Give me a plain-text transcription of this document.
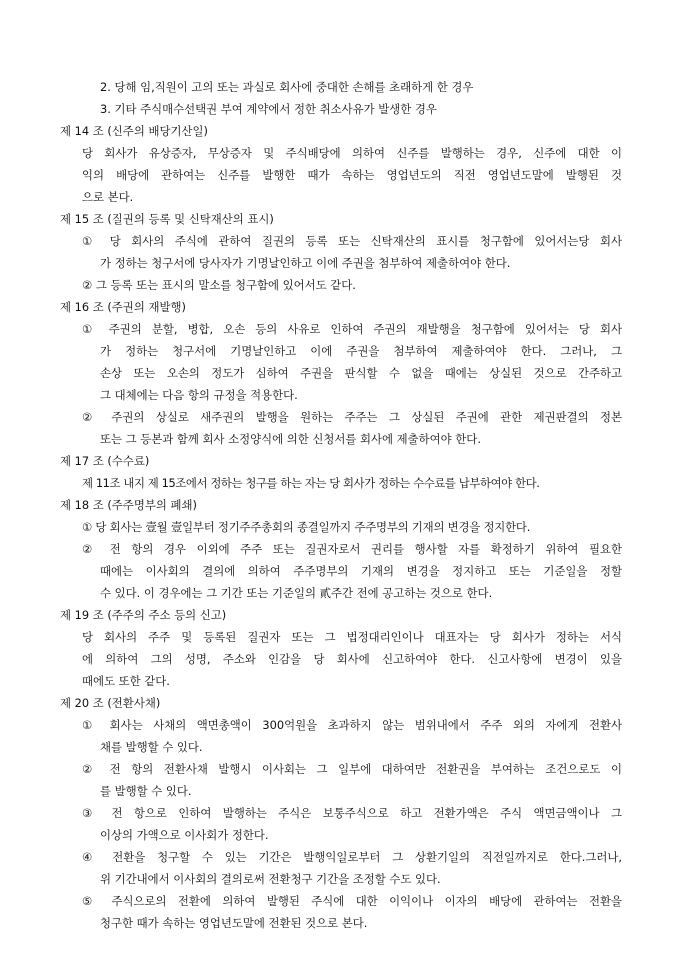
2. 당해 임,직원이 고의 또는 과실로 회사에 중대한 손해를 초래하게 한 경우
3. 기타 주식매수선택권 부여 계약에서 정한 취소사유가 발생한 경우
제 14 조 (신주의 배당기산일)
당 회사가 유상증자, 무상증자 및 주식배당에 의하여 신주를 발행하는 경우, 신주에 대한 이
익의 배당에 관하여는 신주를 발행한 때가 속하는 영업년도의 직전 영업년도말에 발행된 것
으로 본다.
제 15 조 (질권의 등록 및 신탁재산의 표시)
① 당 회사의 주식에 관하여 질권의 등록 또는 신탁재산의 표시를 청구함에 있어서는당 회사
가 정하는 청구서에 당사자가 기명날인하고 이에 주권을 첨부하여 제출하여야 한다.
② 그 등록 또는 표시의 말소를 청구함에 있어서도 같다.
제 16 조 (주권의 재발행)
① 주권의 분할, 병합, 오손 등의 사유로 인하여 주권의 재발행을 청구함에 있어서는 당 회사
가 정하는 청구서에 기명날인하고 이에 주권을 첨부하여 제출하여야 한다. 그러나, 그
손상 또는 오손의 정도가 심하여 주권을 판식할 수 없을 때에는 상실된 것으로 간주하고
그 대체에는 다음 항의 규정을 적용한다.
② 주권의 상실로 새주권의 발행을 원하는 주주는 그 상실된 주권에 관한 제권판결의 정본
또는 그 등본과 함께 회사 소정양식에 의한 신청서를 회사에 제출하여야 한다.
제 17 조 (수수료)
제 11조 내지 제 15조에서 정하는 청구를 하는 자는 당 회사가 정하는 수수료를 납부하여야 한다.
제 18 조 (주주명부의 폐쇄)
① 당 회사는 壹월 壹일부터 정기주주총회의 종결일까지 주주명부의 기재의 변경을 정지한다.
② 전 항의 경우 이외에 주주 또는 질권자로서 권리를 행사할 자를 확정하기 위하여 필요한
때에는 이사회의 결의에 의하여 주주명부의 기재의 변경을 정지하고 또는 기준일을 정할
수 있다. 이 경우에는 그 기간 또는 기준일의 貳주간 전에 공고하는 것으로 한다.
제 19 조 (주주의 주소 등의 신고)
당 회사의 주주 및 등록된 질권자 또는 그 법정대리인이나 대표자는 당 회사가 정하는 서식
에 의하여 그의 성명, 주소와 인감을 당 회사에 신고하여야 한다. 신고사항에 변경이 있을
때에도 또한 같다.
제 20 조 (전환사채)
① 회사는 사채의 액면총액이 300억원을 초과하지 않는 범위내에서 주주 외의 자에게 전환사
채를 발행할 수 있다.
② 전 항의 전환사채 발행시 이사회는 그 일부에 대하여만 전환권을 부여하는 조건으로도 이
를 발행할 수 있다.
③ 전 항으로 인하여 발행하는 주식은 보통주식으로 하고 전환가액은 주식 액면금액이나 그
이상의 가액으로 이사회가 정한다.
④ 전환을 청구할 수 있는 기간은 발행익일로부터 그 상환기일의 직전일까지로 한다.그러나,
위 기간내에서 이사회의 결의로써 전환청구 기간을 조정할 수도 있다.
⑤ 주식으로의 전환에 의하여 발행된 주식에 대한 이익이나 이자의 배당에 관하여는 전환을
청구한 때가 속하는 영업년도말에 전환된 것으로 본다.
